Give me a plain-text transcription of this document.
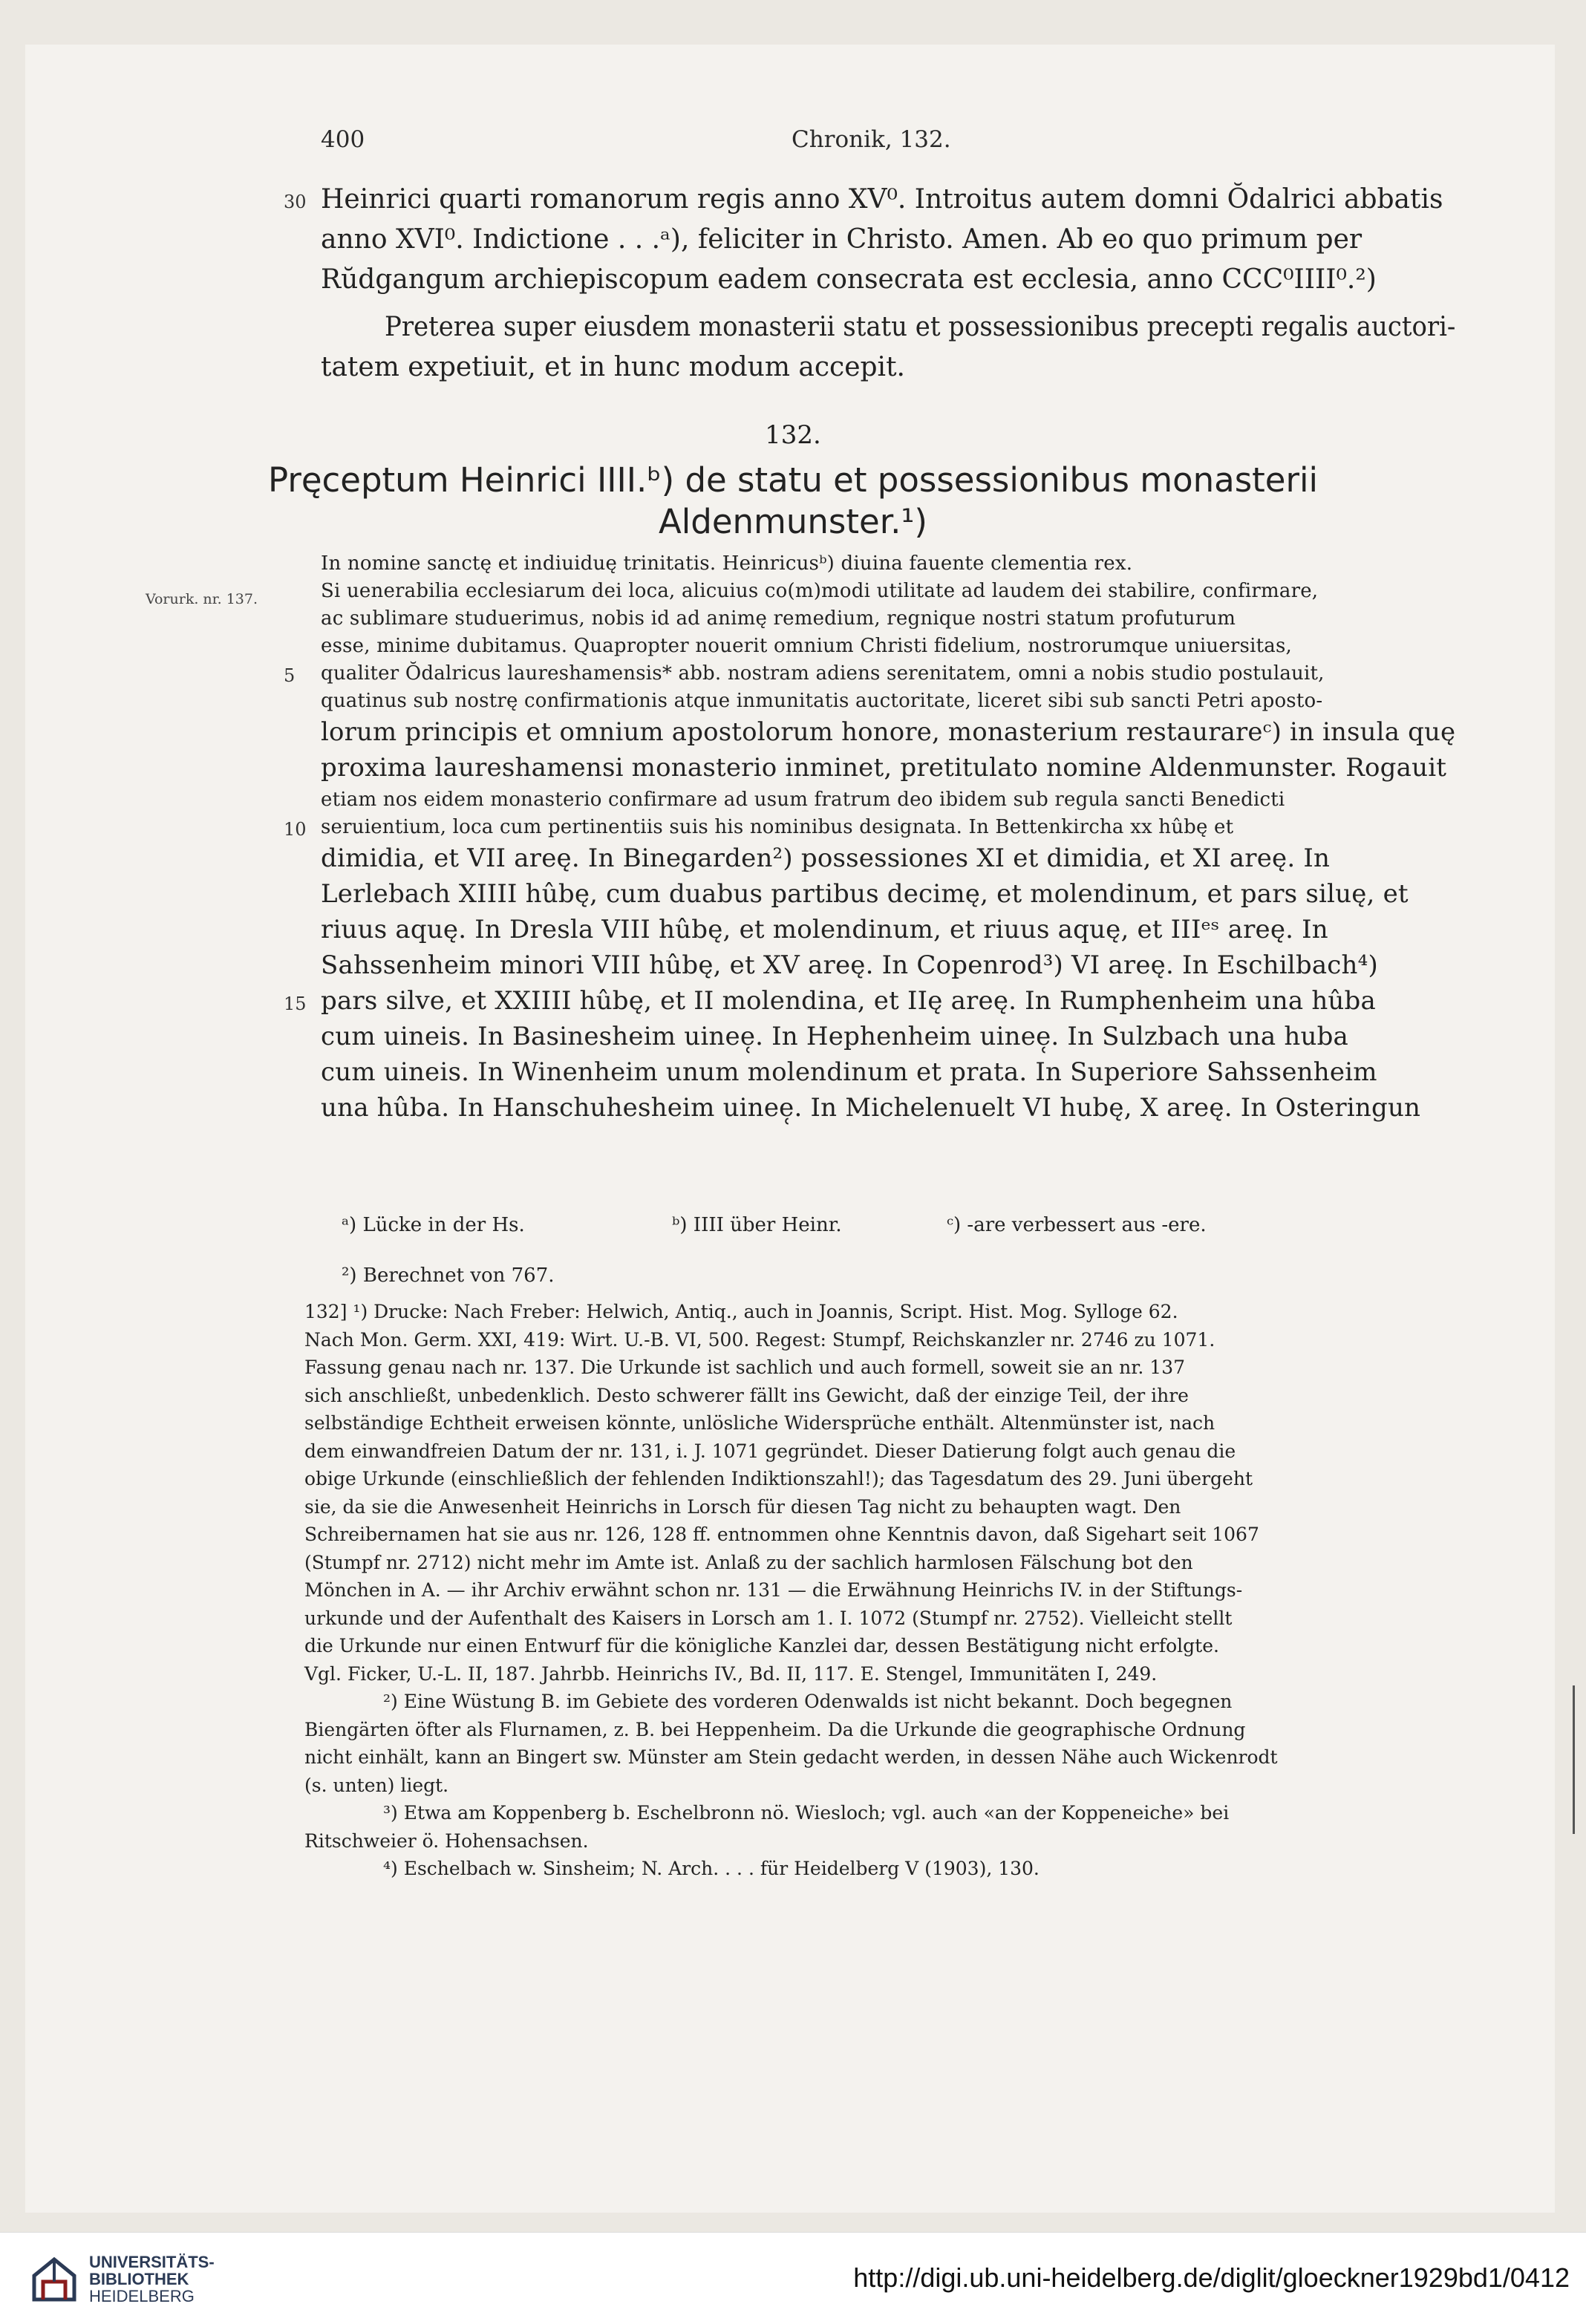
400	Chronik, 132.
Heinrici quarti romanorum regis anno XV⁰. Introitus autem domni Ŏdalrici abbatis
30
anno XVI⁰. Indictione . . .ᵃ), feliciter in Christo. Amen. Ab eo quo primum per
Rŭdgangum archiepiscopum eadem consecrata est ecclesia, anno CCC⁰IIII⁰.²)
Preterea super eiusdem monasterii statu et possessionibus precepti regalis auctori-
tatem expetiuit, et in hunc modum accepit.
132.
Pręceptum Heinrici IIII.ᵇ) de statu et possessionibus monasterii
Aldenmunster.¹)
Vorurk. nr. 137.
In nomine sanctę et indiuiduę trinitatis. Heinricusᵇ) diuina fauente clementia rex.
Si uenerabilia ecclesiarum dei loca, alicuius co(m)modi utilitate ad laudem dei stabilire, confirmare,
ac sublimare studuerimus, nobis id ad animę remedium, regnique nostri statum profuturum
esse, minime dubitamus. Quapropter nouerit omnium Christi fidelium, nostrorumque uniuersitas,
qualiter Ŏdalricus laureshamensis* abb. nostram adiens serenitatem, omni a nobis studio postulauit,
5
quatinus sub nostrę confirmationis atque inmunitatis auctoritate, liceret sibi sub sancti Petri aposto-
lorum principis et omnium apostolorum honore, monasterium restaurareᶜ) in insula quę
proxima laureshamensi monasterio inminet, pretitulato nomine Aldenmunster. Rogauit
etiam nos eidem monasterio confirmare ad usum fratrum deo ibidem sub regula sancti Benedicti
seruientium, loca cum pertinentiis suis his nominibus designata. In Bettenkircha xx hûbę et
10
dimidia, et VII areę. In Binegarden²) possessiones XI et dimidia, et XI areę. In
Lerlebach XIIII hûbę, cum duabus partibus decimę, et molendinum, et pars siluę, et
riuus aquę. In Dresla VIII hûbę, et molendinum, et riuus aquę, et IIIᵉˢ areę. In
Sahssenheim minori VIII hûbę, et XV areę. In Copenrod³) VI areę. In Eschilbach⁴)
pars silve, et XXIIII hûbę, et II molendina, et IIę areę. In Rumphenheim una hûba
15
cum uineis. In Basinesheim uinee̜. In Hephenheim uinee̜. In Sulzbach una huba
cum uineis. In Winenheim unum molendinum et prata. In Superiore Sahssenheim
una hûba. In Hanschuhesheim uinee̜. In Michelenuelt VI hubę, X areę. In Osteringun
ᵃ) Lücke in der Hs.	ᵇ) IIII über Heinr.	ᶜ) -are verbessert aus -ere.
²) Berechnet von 767.
132] ¹) Drucke: Nach Freber: Helwich, Antiq., auch in Joannis, Script. Hist. Mog. Sylloge 62.
Nach Mon. Germ. XXI, 419: Wirt. U.-B. VI, 500. Regest: Stumpf, Reichskanzler nr. 2746 zu 1071.
Fassung genau nach nr. 137. Die Urkunde ist sachlich und auch formell, soweit sie an nr. 137
sich anschließt, unbedenklich. Desto schwerer fällt ins Gewicht, daß der einzige Teil, der ihre
selbständige Echtheit erweisen könnte, unlösliche Widersprüche enthält. Altenmünster ist, nach
dem einwandfreien Datum der nr. 131, i. J. 1071 gegründet. Dieser Datierung folgt auch genau die
obige Urkunde (einschließlich der fehlenden Indiktionszahl!); das Tagesdatum des 29. Juni übergeht
sie, da sie die Anwesenheit Heinrichs in Lorsch für diesen Tag nicht zu behaupten wagt. Den
Schreibernamen hat sie aus nr. 126, 128 ff. entnommen ohne Kenntnis davon, daß Sigehart seit 1067
(Stumpf nr. 2712) nicht mehr im Amte ist. Anlaß zu der sachlich harmlosen Fälschung bot den
Mönchen in A. — ihr Archiv erwähnt schon nr. 131 — die Erwähnung Heinrichs IV. in der Stiftungs-
urkunde und der Aufenthalt des Kaisers in Lorsch am 1. I. 1072 (Stumpf nr. 2752). Vielleicht stellt
die Urkunde nur einen Entwurf für die königliche Kanzlei dar, dessen Bestätigung nicht erfolgte.
Vgl. Ficker, U.-L. II, 187. Jahrbb. Heinrichs IV., Bd. II, 117. E. Stengel, Immunitäten I, 249.
²) Eine Wüstung B. im Gebiete des vorderen Odenwalds ist nicht bekannt. Doch begegnen
Biengärten öfter als Flurnamen, z. B. bei Heppenheim. Da die Urkunde die geographische Ordnung
nicht einhält, kann an Bingert sw. Münster am Stein gedacht werden, in dessen Nähe auch Wickenrodt
(s. unten) liegt.
³) Etwa am Koppenberg b. Eschelbronn nö. Wiesloch; vgl. auch «an der Koppeneiche» bei
Ritschweier ö. Hohensachsen.
⁴) Eschelbach w. Sinsheim; N. Arch. . . . für Heidelberg V (1903), 130.
UNIVERSITÄTS-
BIBLIOTHEK
HEIDELBERG
http://digi.ub.uni-heidelberg.de/diglit/gloeckner1929bd1/0412
